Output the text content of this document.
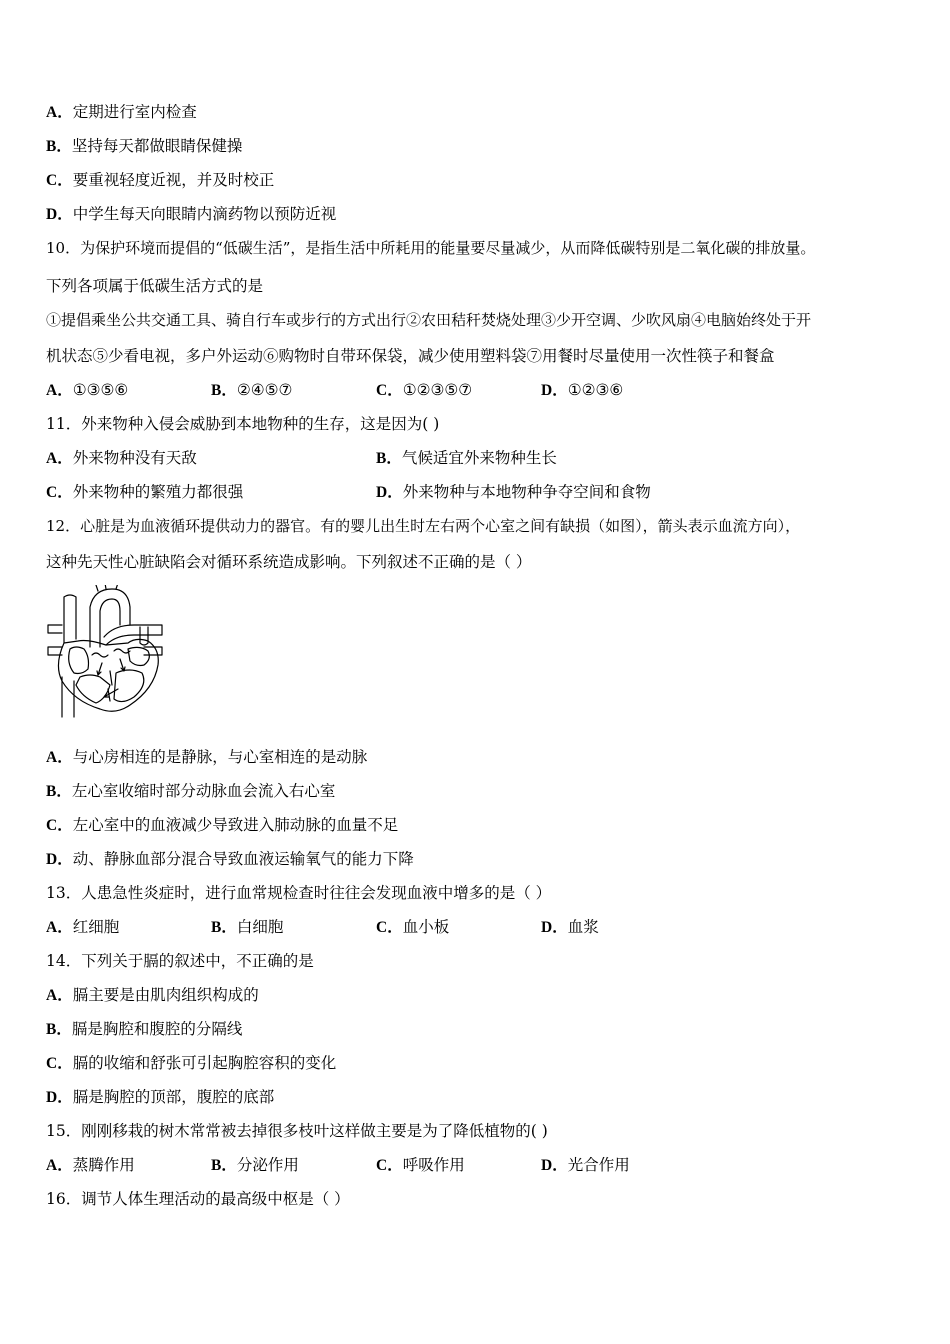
A．定期进行室内检查
B．坚持每天都做眼睛保健操
C．要重视轻度近视，并及时校正
D．中学生每天向眼睛内滴药物以预防近视
10．为保护环境而提倡的“低碳生活”，是指生活中所耗用的能量要尽量减少，从而降低碳特别是二氧化碳的排放量。
下列各项属于低碳生活方式的是
①提倡乘坐公共交通工具、骑自行车或步行的方式出行②农田秸秆焚烧处理③少开空调、少吹风扇④电脑始终处于开
机状态⑤少看电视，多户外运动⑥购物时自带环保袋，减少使用塑料袋⑦用餐时尽量使用一次性筷子和餐盒
A．①③⑤⑥	B．②④⑤⑦	C．①②③⑤⑦	D．①②③⑥
11．外来物种入侵会威胁到本地物种的生存，这是因为( )
A．外来物种没有天敌	B．气候适宜外来物种生长
C．外来物种的繁殖力都很强	D．外来物种与本地物种争夺空间和食物
12．心脏是为血液循环提供动力的器官。有的婴儿出生时左右两个心室之间有缺损（如图），箭头表示血流方向），
这种先天性心脏缺陷会对循环系统造成影响。下列叙述不正确的是（ ）
A．与心房相连的是静脉，与心室相连的是动脉
B．左心室收缩时部分动脉血会流入右心室
C．左心室中的血液减少导致进入肺动脉的血量不足
D．动、静脉血部分混合导致血液运输氧气的能力下降
13．人患急性炎症时，进行血常规检查时往往会发现血液中增多的是（ ）
A．红细胞	B．白细胞	C．血小板	D．血浆
14．下列关于膈的叙述中，不正确的是
A．膈主要是由肌肉组织构成的
B．膈是胸腔和腹腔的分隔线
C．膈的收缩和舒张可引起胸腔容积的变化
D．膈是胸腔的顶部，腹腔的底部
15．刚刚移栽的树木常常被去掉很多枝叶这样做主要是为了降低植物的( )
A．蒸腾作用	B．分泌作用	C．呼吸作用	D．光合作用
16．调节人体生理活动的最高级中枢是（ ）
